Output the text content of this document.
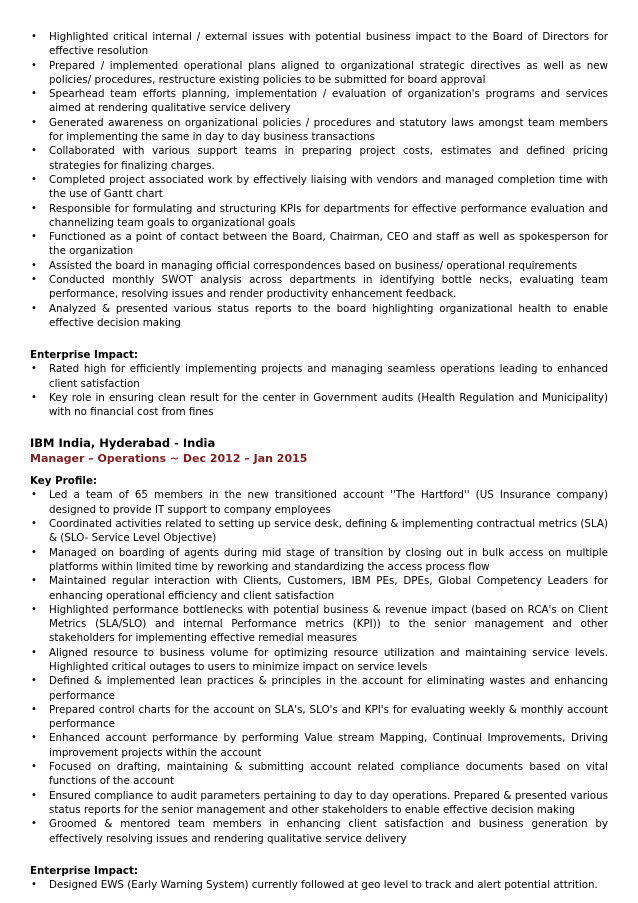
• Highlighted critical internal / external issues with potential business impact to the Board of Directors for effective resolution
• Prepared / implemented operational plans aligned to organizational strategic directives as well as new policies/ procedures, restructure existing policies to be submitted for board approval
• Spearhead team efforts planning, implementation / evaluation of organization's programs and services aimed at rendering qualitative service delivery
• Generated awareness on organizational policies / procedures and statutory laws amongst team members for implementing the same in day to day business transactions
• Collaborated with various support teams in preparing project costs, estimates and defined pricing strategies for finalizing charges.
• Completed project associated work by effectively liaising with vendors and managed completion time with the use of Gantt chart
• Responsible for formulating and structuring KPIs for departments for effective performance evaluation and channelizing team goals to organizational goals
• Functioned as a point of contact between the Board, Chairman, CEO and staff as well as spokesperson for the organization
• Assisted the board in managing official correspondences based on business/ operational requirements
• Conducted monthly SWOT analysis across departments in identifying bottle necks, evaluating team performance, resolving issues and render productivity enhancement feedback.
• Analyzed & presented various status reports to the board highlighting organizational health to enable effective decision making
Enterprise Impact:
• Rated high for efficiently implementing projects and managing seamless operations leading to enhanced client satisfaction
• Key role in ensuring clean result for the center in Government audits (Health Regulation and Municipality) with no financial cost from fines
IBM India, Hyderabad - India
Manager – Operations ~ Dec 2012 – Jan 2015
Key Profile:
• Led a team of 65 members in the new transitioned account ''The Hartford'' (US Insurance company) designed to provide IT support to company employees
• Coordinated activities related to setting up service desk, defining & implementing contractual metrics (SLA) & (SLO- Service Level Objective)
• Managed on boarding of agents during mid stage of transition by closing out in bulk access on multiple platforms within limited time by reworking and standardizing the access process flow
• Maintained regular interaction with Clients, Customers, IBM PEs, DPEs, Global Competency Leaders for enhancing operational efficiency and client satisfaction
• Highlighted performance bottlenecks with potential business & revenue impact (based on RCA's on Client Metrics (SLA/SLO) and internal Performance metrics (KPI)) to the senior management and other stakeholders for implementing effective remedial measures
• Aligned resource to business volume for optimizing resource utilization and maintaining service levels. Highlighted critical outages to users to minimize impact on service levels
• Defined & implemented lean practices & principles in the account for eliminating wastes and enhancing performance
• Prepared control charts for the account on SLA's, SLO's and KPI's for evaluating weekly & monthly account performance
• Enhanced account performance by performing Value stream Mapping, Continual Improvements, Driving improvement projects within the account
• Focused on drafting, maintaining & submitting account related compliance documents based on vital functions of the account
• Ensured compliance to audit parameters pertaining to day to day operations. Prepared & presented various status reports for the senior management and other stakeholders to enable effective decision making
• Groomed & mentored team members in enhancing client satisfaction and business generation by effectively resolving issues and rendering qualitative service delivery
Enterprise Impact:
• Designed EWS (Early Warning System) currently followed at geo level to track and alert potential attrition.
